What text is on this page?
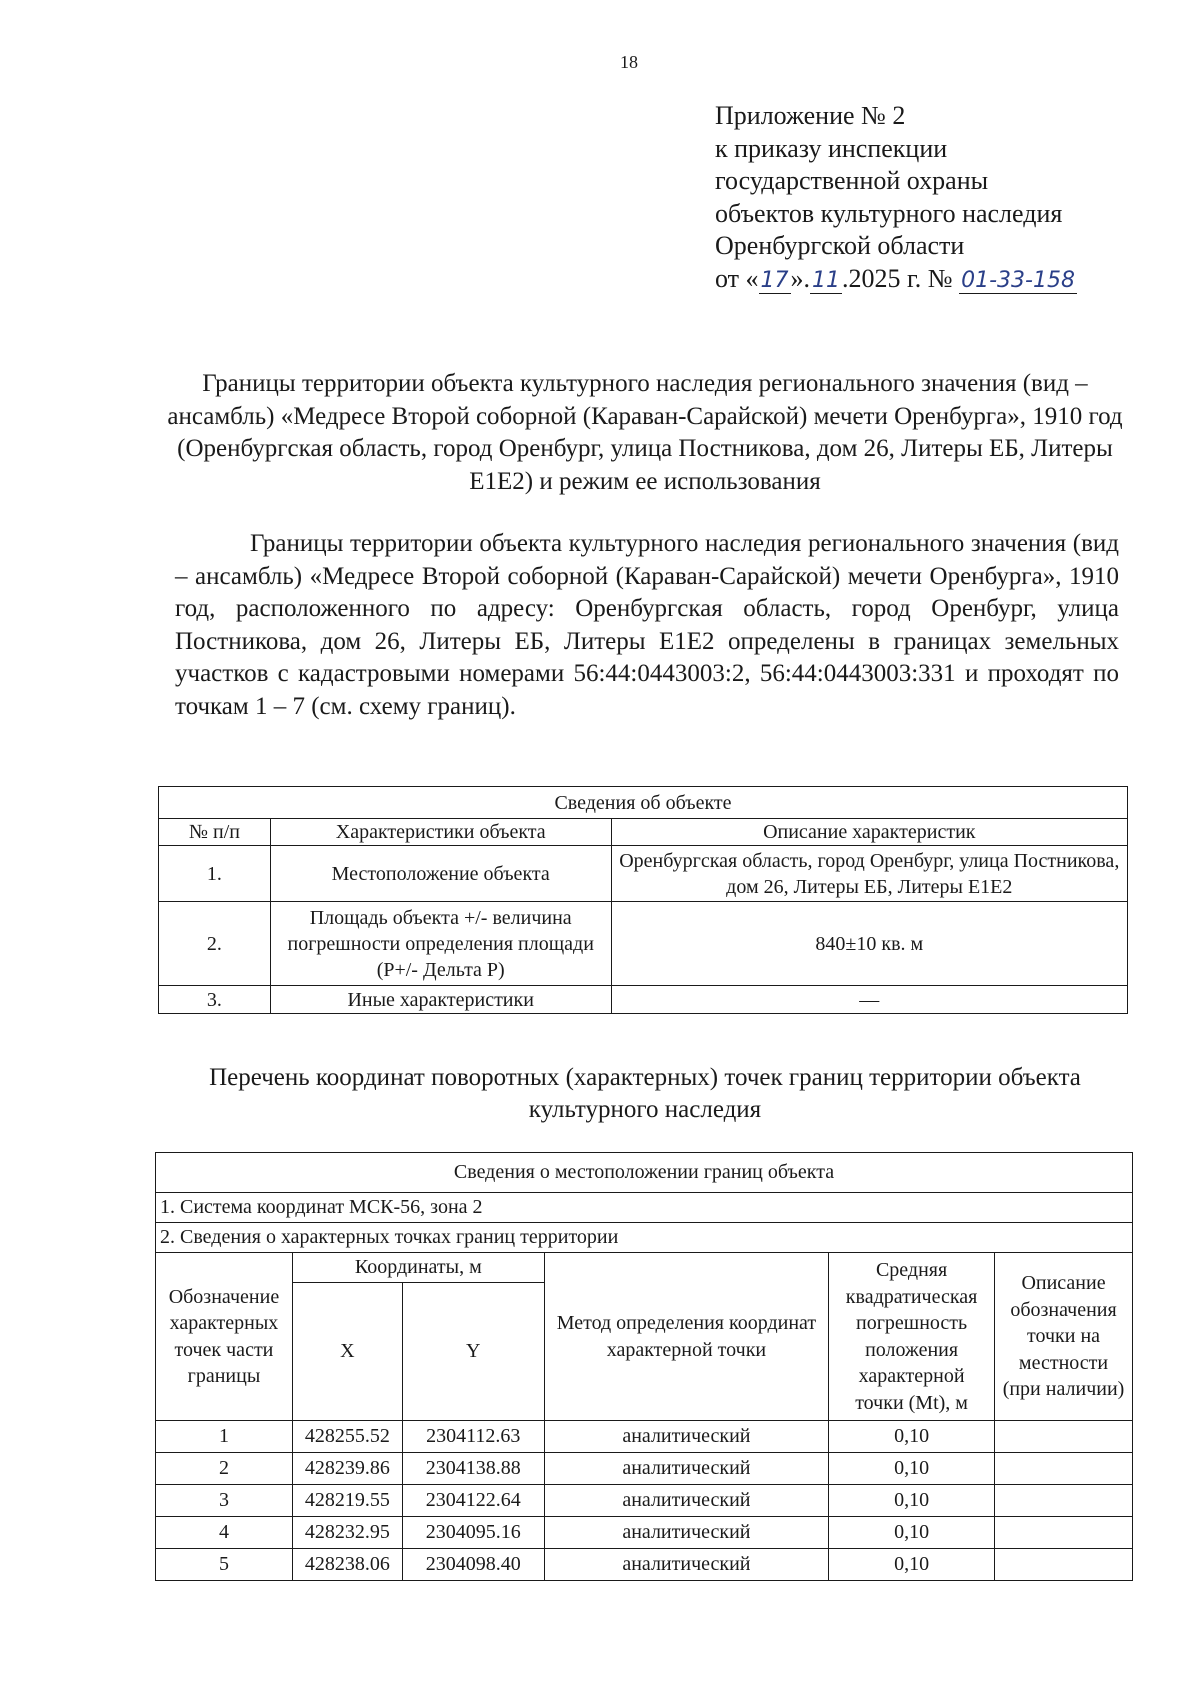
18
Приложение № 2
к приказу инспекции
государственной охраны
объектов культурного наследия
Оренбургской области
от «17».11.2025 г. № 01-33-158
Границы территории объекта культурного наследия регионального значения (вид – ансамбль) «Медресе Второй соборной (Караван-Сарайской) мечети Оренбурга», 1910 год (Оренбургская область, город Оренбург, улица Постникова, дом 26, Литеры ЕБ, Литеры Е1Е2) и режим ее использования
Границы территории объекта культурного наследия регионального значения (вид – ансамбль) «Медресе Второй соборной (Караван-Сарайской) мечети Оренбурга», 1910 год, расположенного по адресу: Оренбургская область, город Оренбург, улица Постникова, дом 26, Литеры ЕБ, Литеры Е1Е2 определены в границах земельных участков с кадастровыми номерами 56:44:0443003:2, 56:44:0443003:331 и проходят по точкам 1 – 7 (см. схему границ).
Сведения об объекте		
№ п/п	Характеристики объекта	Описание характеристик
1.	Местоположение объекта	Оренбургская область, город Оренбург, улица Постникова, дом 26, Литеры ЕБ, Литеры Е1Е2
2.	Площадь объекта +/- величина погрешности определения площади (Р+/- Дельта Р)	840±10 кв. м
3.	Иные характеристики	—
Перечень координат поворотных (характерных) точек границ территории объекта культурного наследия
Сведения о местоположении границ объекта					
1. Система координат МСК-56, зона 2					
2. Сведения о характерных точках границ территории					
Обозначение характерных точек части границы	Координаты, м		Метод определения координат характерной точки	Средняя квадратическая погрешность положения характерной точки (Mt), м	Описание обозначения точки на местности (при наличии)
	X	Y			
1	428255.52	2304112.63	аналитический	0,10	
2	428239.86	2304138.88	аналитический	0,10	
3	428219.55	2304122.64	аналитический	0,10	
4	428232.95	2304095.16	аналитический	0,10	
5	428238.06	2304098.40	аналитический	0,10	
